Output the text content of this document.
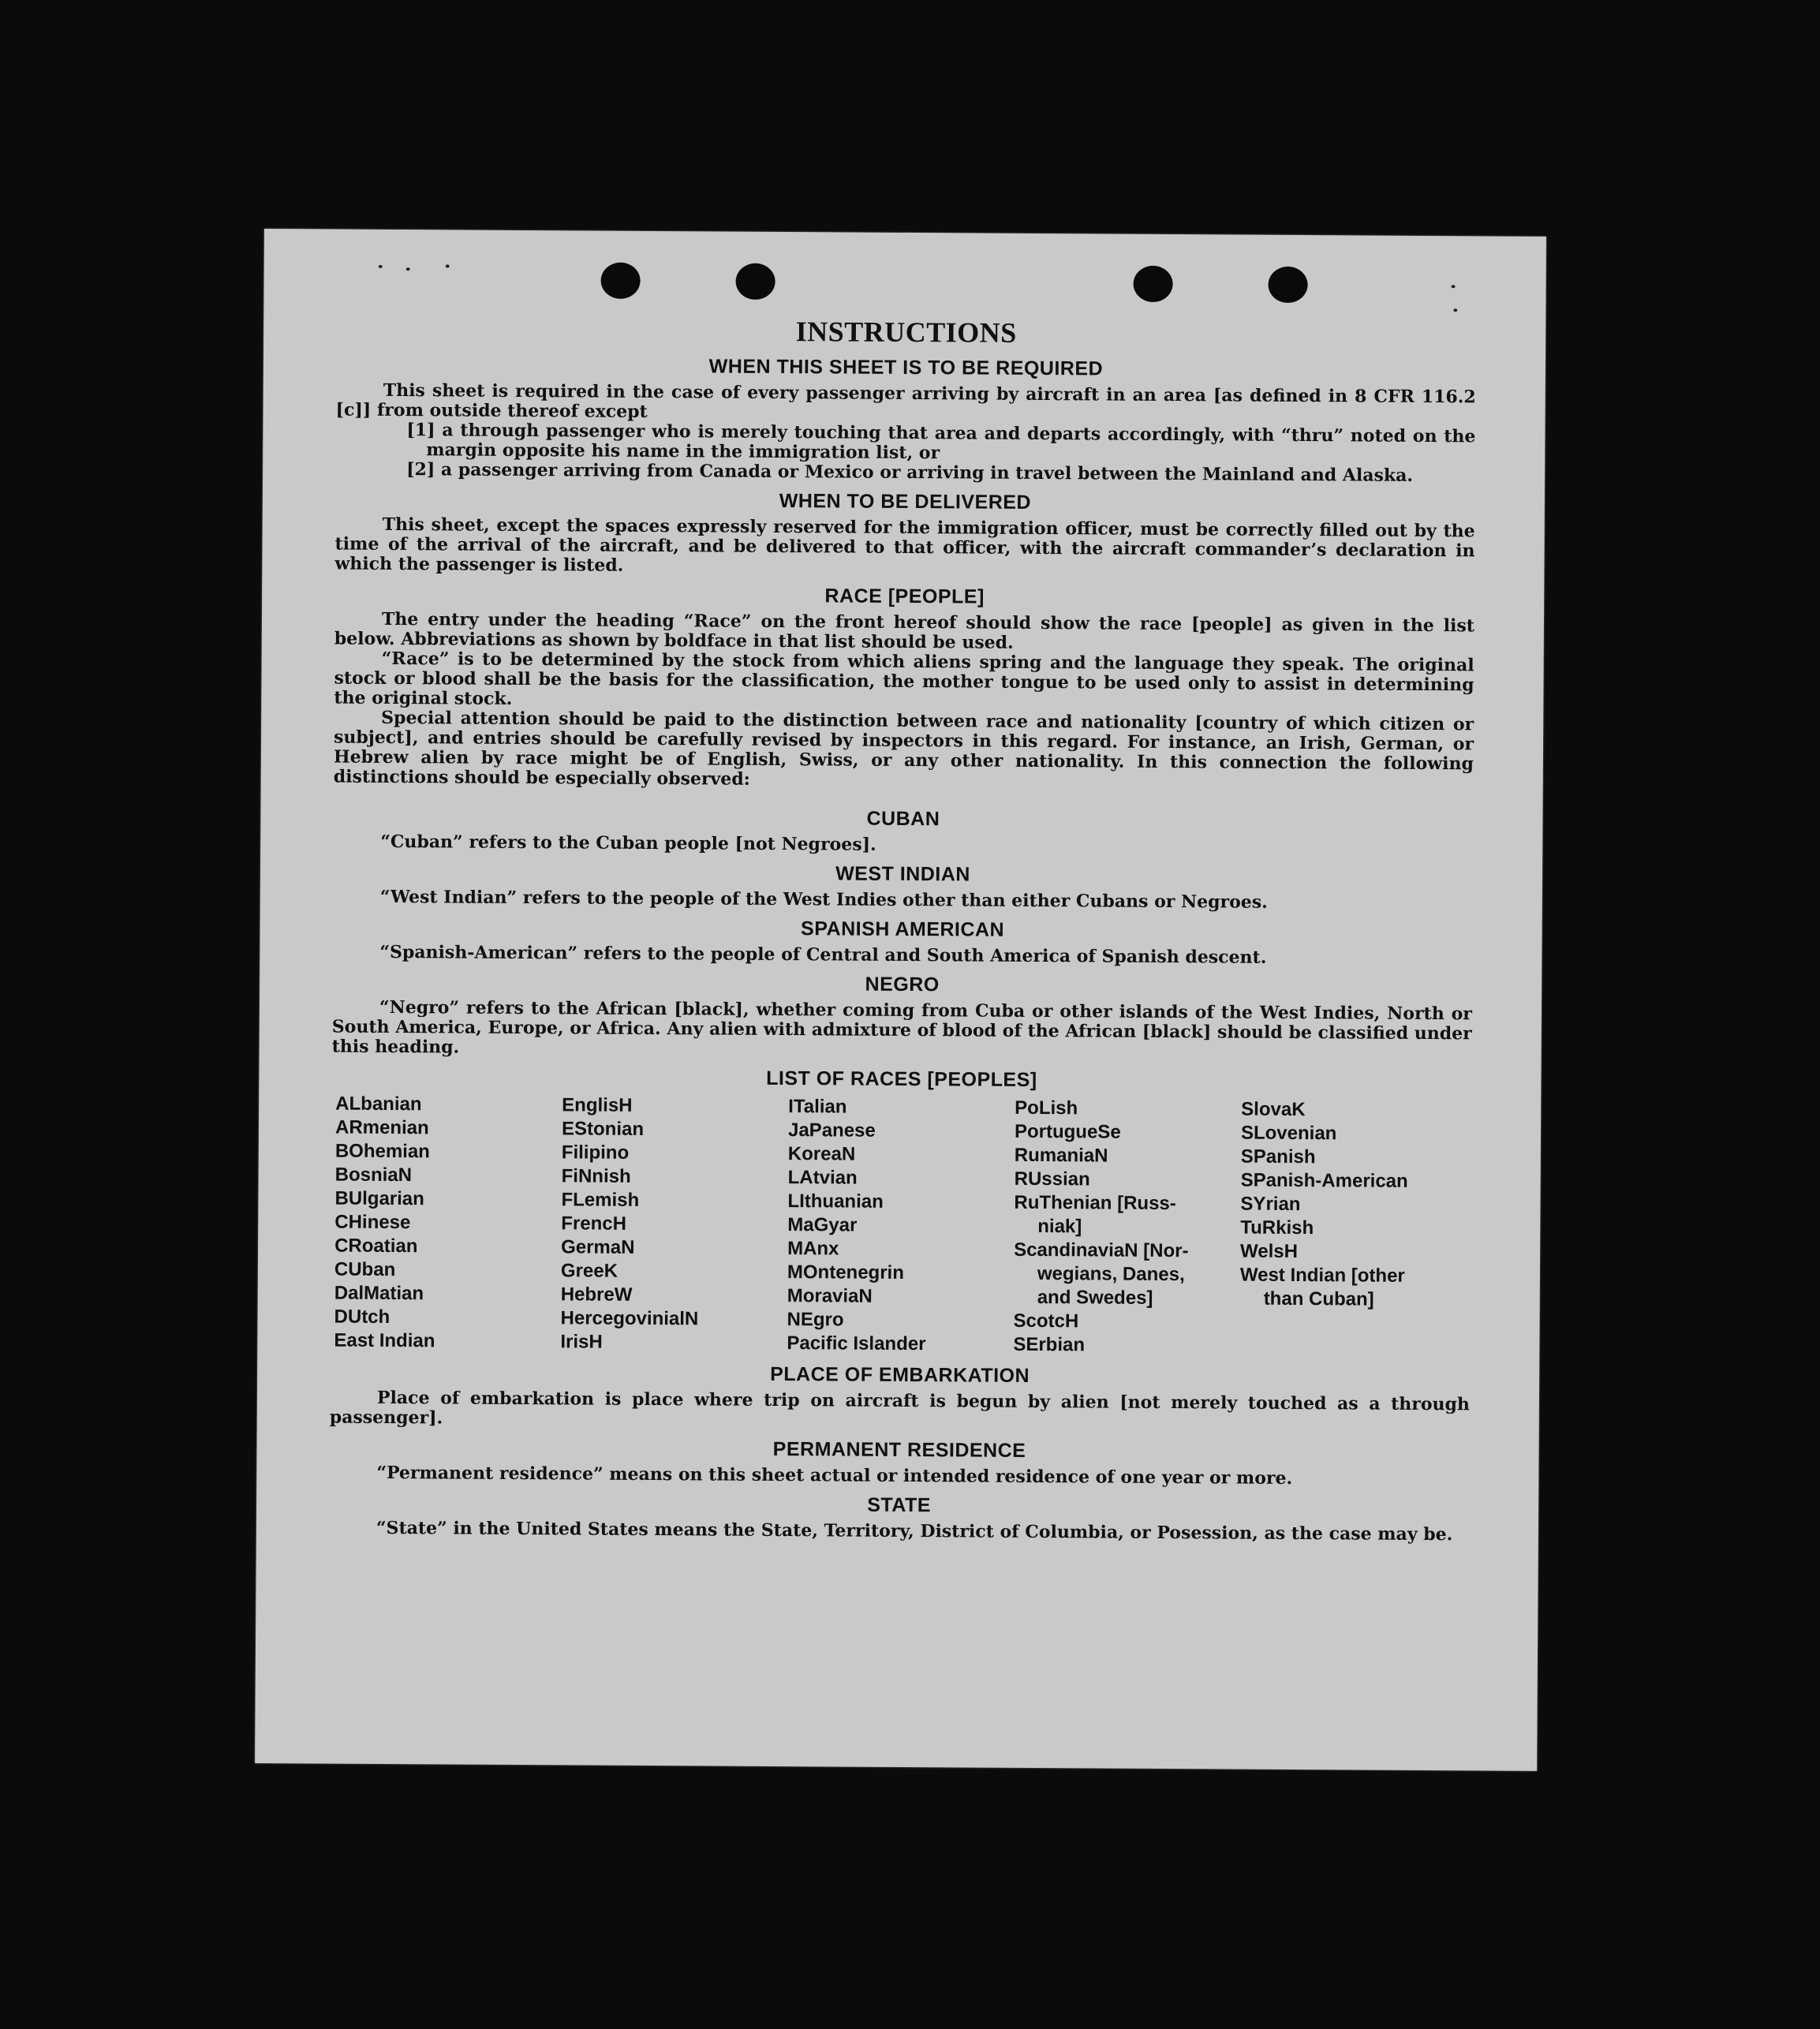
INSTRUCTIONS
WHEN THIS SHEET IS TO BE REQUIRED

This sheet is required in the case of every passenger arriving by aircraft in an area [as defined in 8 CFR 116.2 [c]] from outside thereof except

[1] a through passenger who is merely touching that area and departs accordingly, with “thru” noted on the margin opposite his name in the immigration list, or

[2] a passenger arriving from Canada or Mexico or arriving in travel between the Mainland and Alaska.

WHEN TO BE DELIVERED

This sheet, except the spaces expressly reserved for the immigration officer, must be correctly filled out by the time of the arrival of the aircraft, and be delivered to that officer, with the aircraft commander’s declaration in which the passenger is listed.

RACE [PEOPLE]

The entry under the heading “Race” on the front hereof should show the race [people] as given in the list below. Abbreviations as shown by boldface in that list should be used.

“Race” is to be determined by the stock from which aliens spring and the language they speak. The original stock or blood shall be the basis for the classification, the mother tongue to be used only to assist in determining the original stock.

Special attention should be paid to the distinction between race and nationality [country of which citizen or subject], and entries should be carefully revised by inspectors in this regard. For instance, an Irish, German, or Hebrew alien by race might be of English, Swiss, or any other nationality. In this connection the following distinctions should be especially observed:

CUBAN

“Cuban” refers to the Cuban people [not Negroes].

WEST INDIAN

“West Indian” refers to the people of the West Indies other than either Cubans or Negroes.

SPANISH AMERICAN

“Spanish-American” refers to the people of Central and South America of Spanish descent.

NEGRO

“Negro” refers to the African [black], whether coming from Cuba or other islands of the West Indies, North or South America, Europe, or Africa. Any alien with admixture of blood of the African [black] should be classified under this heading.

LIST OF RACES [PEOPLES]
ALbanian
ARmenian
BOhemian
BosniaN
BUlgarian
CHinese
CRoatian
CUban
DalMatian
DUtch
East Indian
EnglisH
EStonian
Filipino
FiNnish
FLemish
FrencH
GermaN
GreeK
HebreW
HercegovinialN
IrisH
ITalian
JaPanese
KoreaN
LAtvian
LIthuanian
MaGyar
MAnx
MOntenegrin
MoraviaN
NEgro
Pacific Islander
PoLish
PortugueSe
RumaniaN
RUssian
RuThenian [Russ-
niak]
ScandinaviaN [Nor-
wegians, Danes,
and Swedes]
ScotcH
SErbian
SlovaK
SLovenian
SPanish
SPanish-American
SYrian
TuRkish
WelsH
West Indian [other
than Cuban]
PLACE OF EMBARKATION

Place of embarkation is place where trip on aircraft is begun by alien [not merely touched as a through passenger].

PERMANENT RESIDENCE

“Permanent residence” means on this sheet actual or intended residence of one year or more.

STATE

“State” in the United States means the State, Territory, District of Columbia, or Posession, as the case may be.
